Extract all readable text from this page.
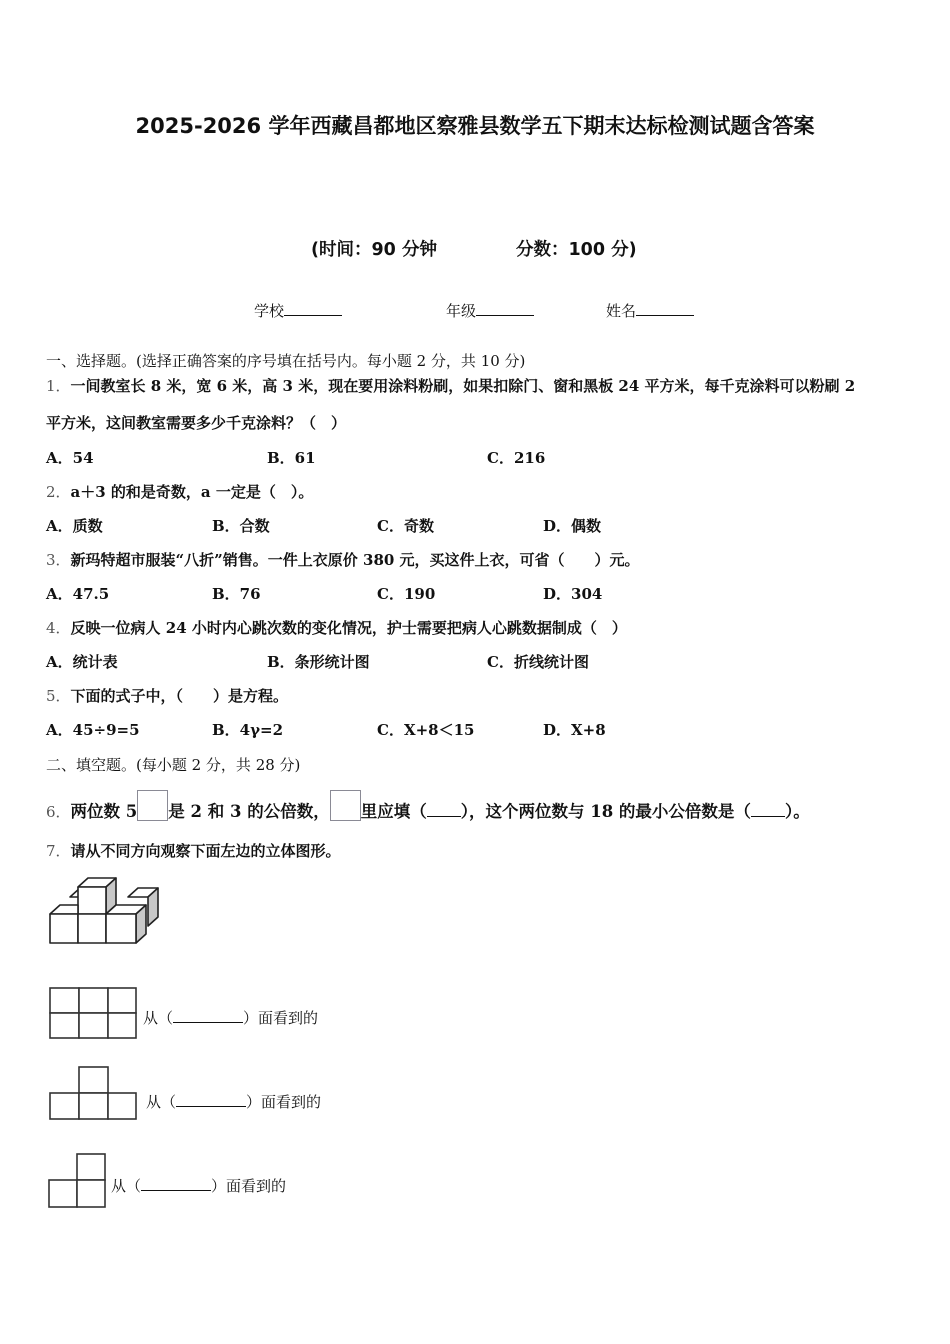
2025-2026 学年西藏昌都地区察雅县数学五下期末达标检测试题含答案
(时间：90 分钟	分数：100 分)
学校	年级	姓名
一、选择题。(选择正确答案的序号填在括号内。每小题 2 分，共 10 分)
1．一间教室长 8 米，宽 6 米，高 3 米，现在要用涂料粉刷，如果扣除门、窗和黑板 24 平方米，每千克涂料可以粉刷 2
平方米，这间教室需要多少千克涂料？（　）
A．54	B．61	C．216
2．a＋3 的和是奇数，a 一定是（　）。
A．质数	B．合数	C．奇数	D．偶数
3．新玛特超市服装“八折”销售。一件上衣原价 380 元，买这件上衣，可省（　　）元。
A．47.5	B．76	C．190	D．304
4．反映一位病人 24 小时内心跳次数的变化情况，护士需要把病人心跳数据制成（　）
A．统计表	B．条形统计图	C．折线统计图
5．下面的式子中，（　　）是方程。
A．45÷9=5	B．4γ=2	C．X+8＜15	D．X+8
二、填空题。(每小题 2 分，共 28 分)
6．两位数 5 是 2 和 3 的公倍数， 里应填（ ），这个两位数与 18 的最小公倍数是（ ）。
7．请从不同方向观察下面左边的立体图形。
从（	）面看到的
从（	）面看到的
从（	）面看到的
